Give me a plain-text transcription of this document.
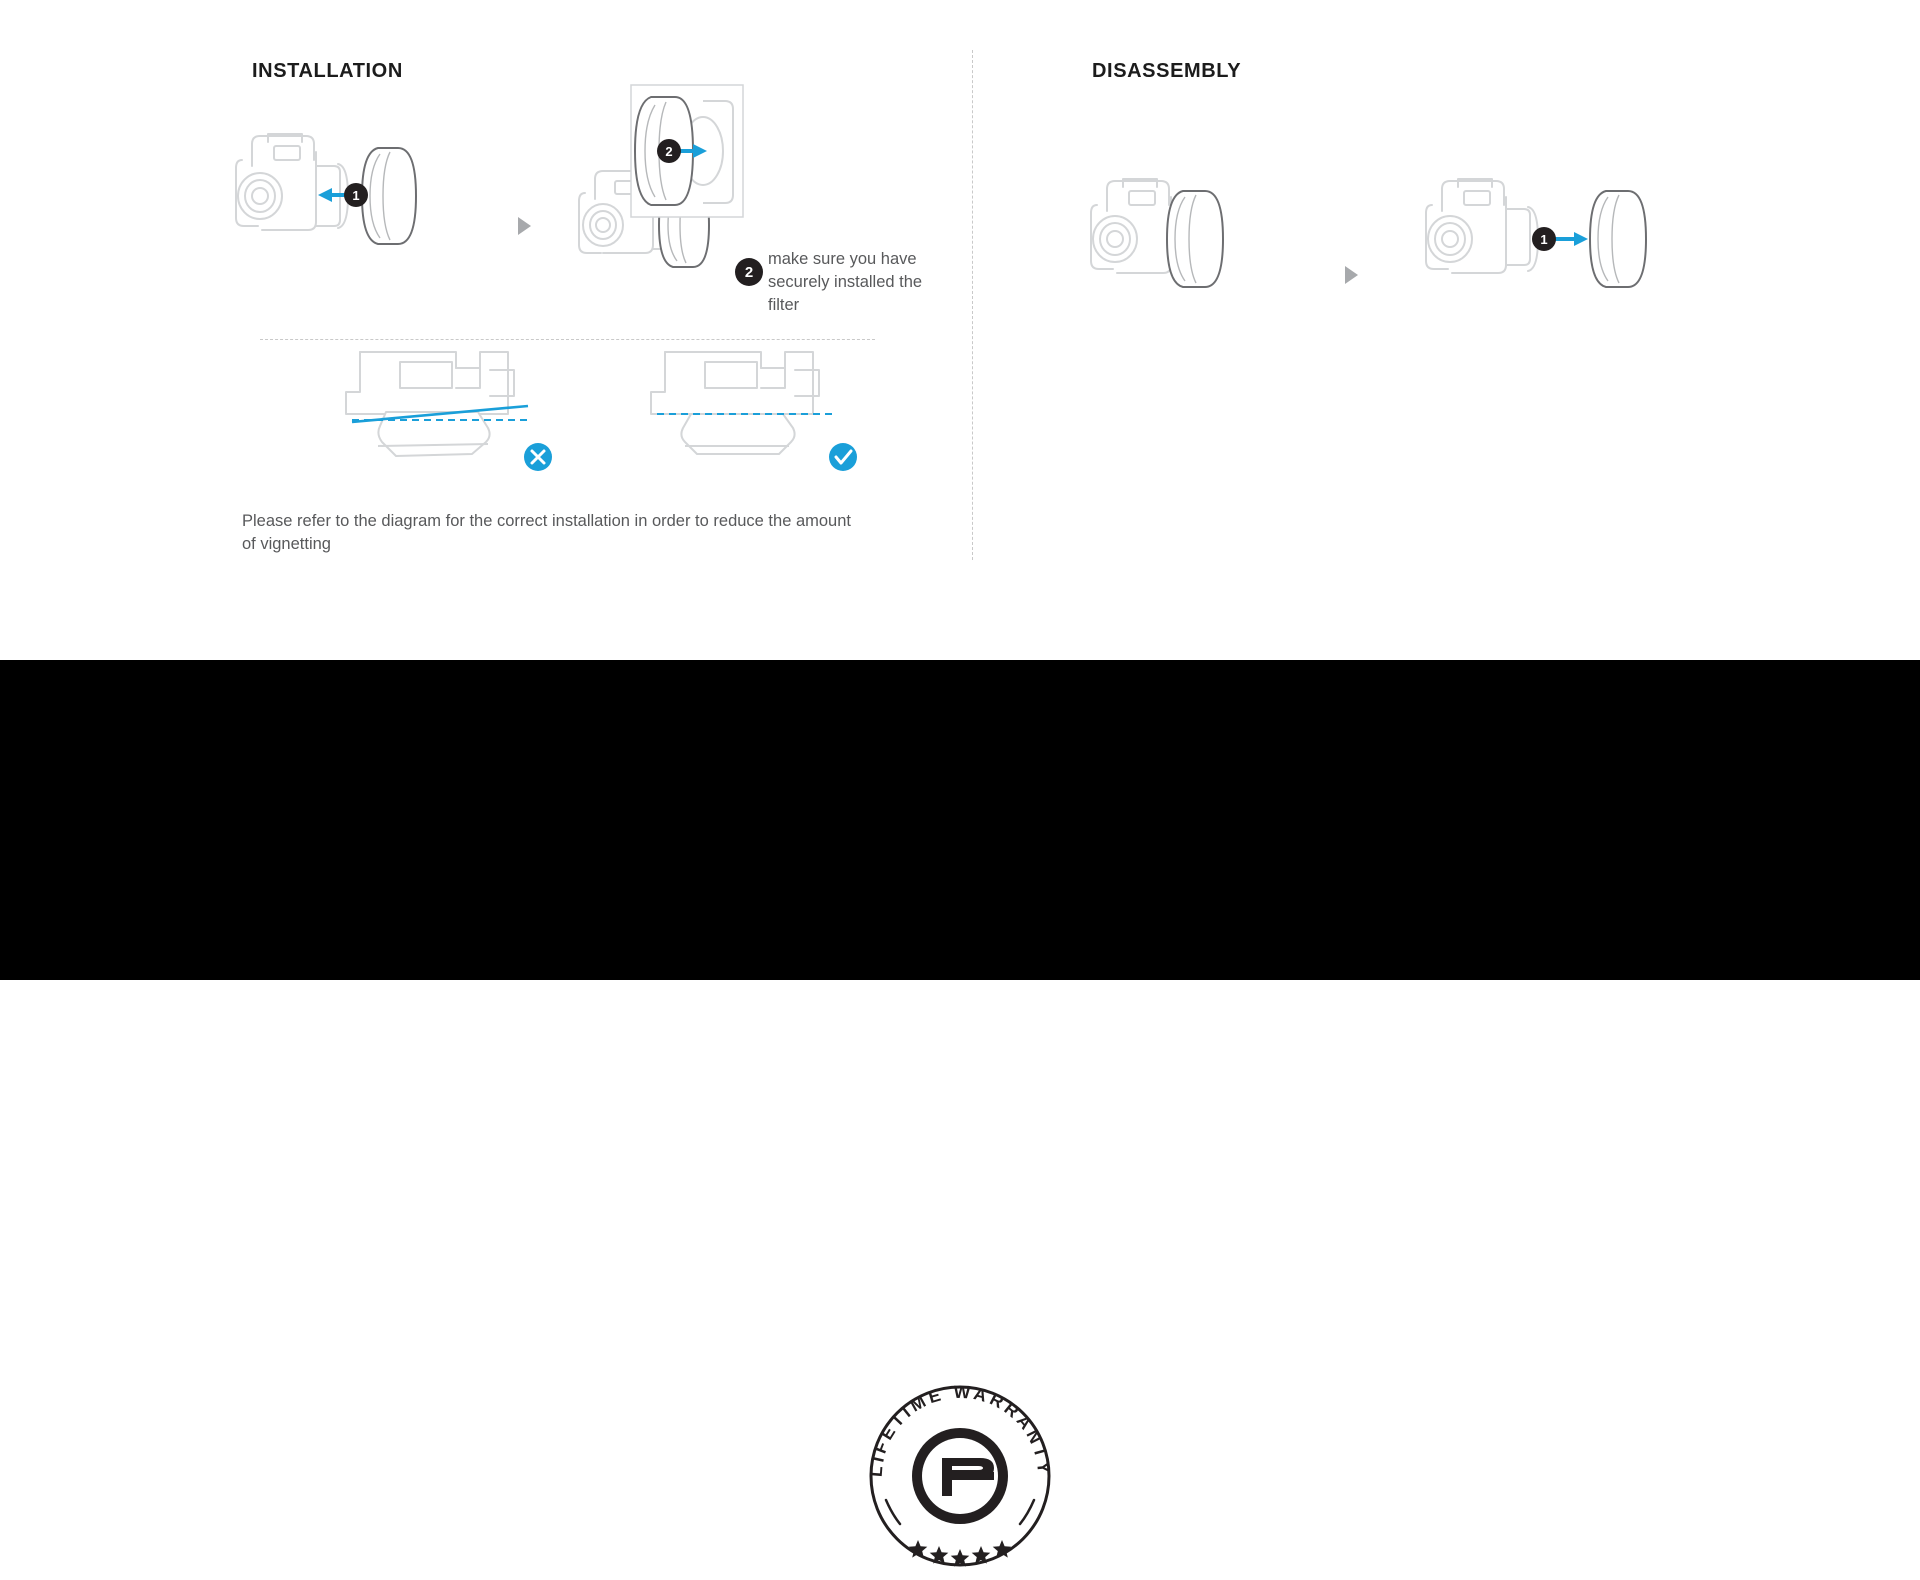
INSTALLATION	DISASSEMBLY
1
2
2
make sure you have securely installed the filter
Please refer to the diagram for the correct installation in order to reduce the amount of vignetting
1
LIFETIME WARRANTY
